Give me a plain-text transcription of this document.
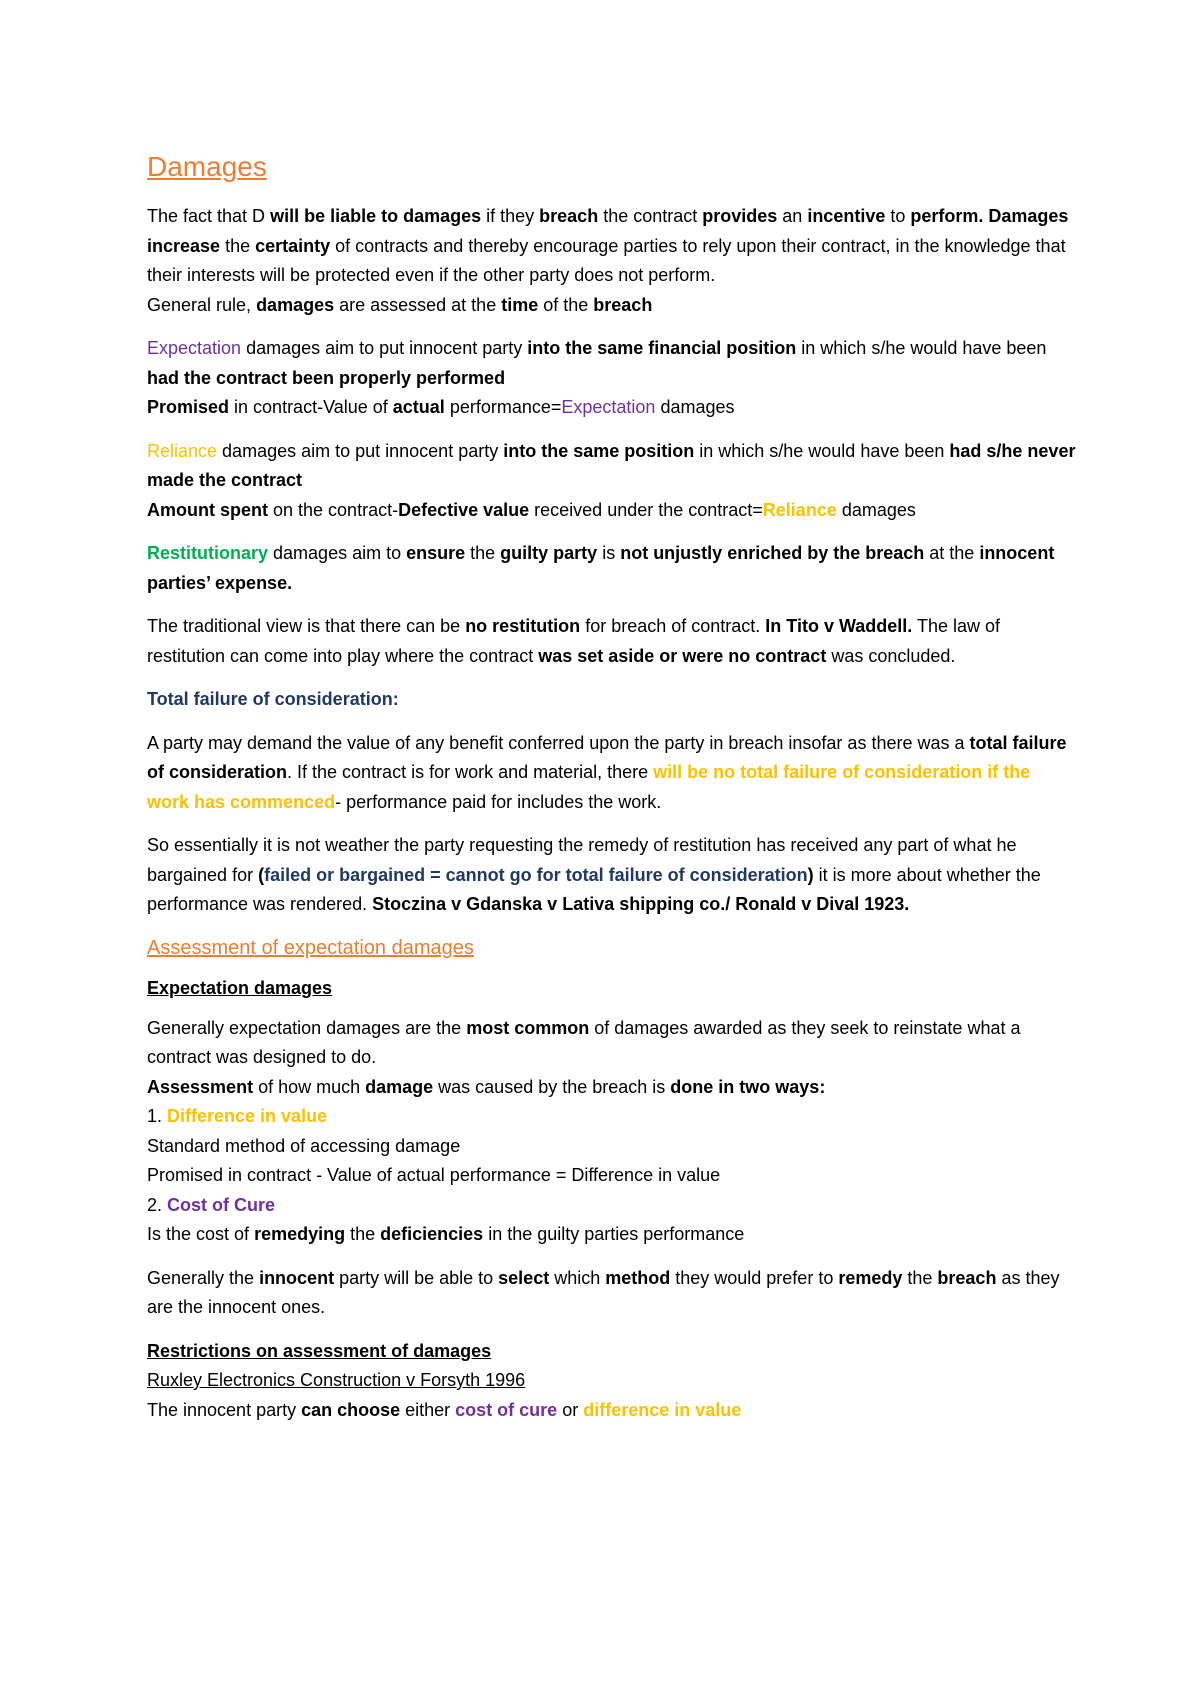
Damages

The fact that D will be liable to damages if they breach the contract provides an incentive to perform. Damages increase the certainty of contracts and thereby encourage parties to rely upon their contract, in the knowledge that their interests will be protected even if the other party does not perform.
General rule, damages are assessed at the time of the breach

Expectation damages aim to put innocent party into the same financial position in which s/he would have been had the contract been properly performed
Promised in contract-Value of actual performance=Expectation damages

Reliance damages aim to put innocent party into the same position in which s/he would have been had s/he never made the contract
Amount spent on the contract-Defective value received under the contract=Reliance damages

Restitutionary damages aim to ensure the guilty party is not unjustly enriched by the breach at the innocent parties’ expense.

The traditional view is that there can be no restitution for breach of contract. In Tito v Waddell. The law of restitution can come into play where the contract was set aside or were no contract was concluded.

Total failure of consideration:

A party may demand the value of any benefit conferred upon the party in breach insofar as there was a total failure of consideration. If the contract is for work and material, there will be no total failure of consideration if the work has commenced- performance paid for includes the work.

So essentially it is not weather the party requesting the remedy of restitution has received any part of what he bargained for (failed or bargained = cannot go for total failure of consideration) it is more about whether the performance was rendered. Stoczina v Gdanska v Lativa shipping co./ Ronald v Dival 1923.

Assessment of expectation damages
Expectation damages

Generally expectation damages are the most common of damages awarded as they seek to reinstate what a contract was designed to do.
Assessment of how much damage was caused by the breach is done in two ways:
1. Difference in value
Standard method of accessing damage
Promised in contract - Value of actual performance = Difference in value
2. Cost of Cure
Is the cost of remedying the deficiencies in the guilty parties performance

Generally the innocent party will be able to select which method they would prefer to remedy the breach as they are the innocent ones.

Restrictions on assessment of damages
Ruxley Electronics Construction v Forsyth 1996
The innocent party can choose either cost of cure or difference in value
